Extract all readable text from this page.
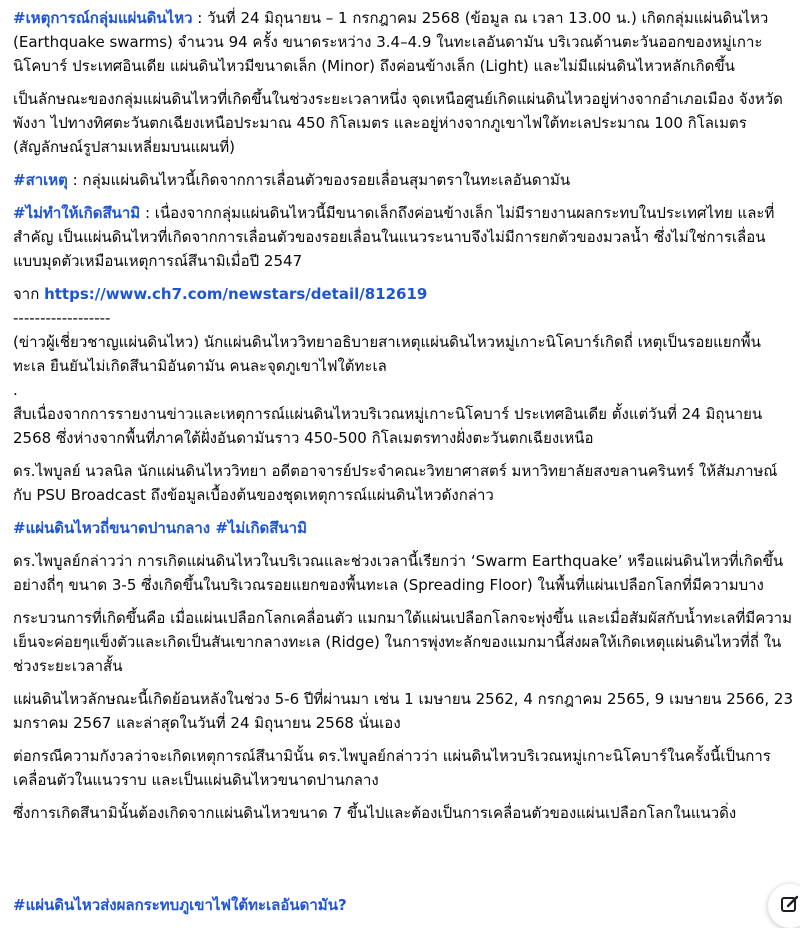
#เหตุการณ์กลุ่มแผ่นดินไหว : วันที่ 24 มิถุนายน – 1 กรกฎาคม 2568 (ข้อมูล ณ เวลา 13.00 น.) เกิดกลุ่มแผ่นดินไหว (Earthquake swarms) จำนวน 94 ครั้ง ขนาดระหว่าง 3.4–4.9 ในทะเลอันดามัน บริเวณด้านตะวันออกของหมู่เกาะนิโคบาร์ ประเทศอินเดีย แผ่นดินไหวมีขนาดเล็ก (Minor) ถึงค่อนข้างเล็ก (Light) และไม่มีแผ่นดินไหวหลักเกิดขึ้น

เป็นลักษณะของกลุ่มแผ่นดินไหวที่เกิดขึ้นในช่วงระยะเวลาหนึ่ง จุดเหนือศูนย์เกิดแผ่นดินไหวอยู่ห่างจากอำเภอเมือง จังหวัดพังงา ไปทางทิศตะวันตกเฉียงเหนือประมาณ 450 กิโลเมตร และอยู่ห่างจากภูเขาไฟใต้ทะเลประมาณ 100 กิโลเมตร (สัญลักษณ์รูปสามเหลี่ยมบนแผนที่)

#สาเหตุ : กลุ่มแผ่นดินไหวนี้เกิดจากการเลื่อนตัวของรอยเลื่อนสุมาตราในทะเลอันดามัน

#ไม่ทำให้เกิดสึนามิ : เนื่องจากกลุ่มแผ่นดินไหวนี้มีขนาดเล็กถึงค่อนข้างเล็ก ไม่มีรายงานผลกระทบในประเทศไทย และที่สำคัญ เป็นแผ่นดินไหวที่เกิดจากการเลื่อนตัวของรอยเลื่อนในแนวระนาบจึงไม่มีการยกตัวของมวลน้ำ ซึ่งไม่ใช่การเลื่อนแบบมุดตัวเหมือนเหตุการณ์สึนามิเมื่อปี 2547

จาก https://www.ch7.com/newstars/detail/812619

------------------

(ข่าวผู้เชี่ยวชาญแผ่นดินไหว) นักแผ่นดินไหววิทยาอธิบายสาเหตุแผ่นดินไหวหมู่เกาะนิโคบาร์เกิดถี่ เหตุเป็นรอยแยกพื้นทะเล ยืนยันไม่เกิดสึนามิอันดามัน คนละจุดภูเขาไฟใต้ทะเล

.

สืบเนื่องจากการรายงานข่าวและเหตุการณ์แผ่นดินไหวบริเวณหมู่เกาะนิโคบาร์ ประเทศอินเดีย ตั้งแต่วันที่ 24 มิถุนายน 2568 ซึ่งห่างจากพื้นที่ภาคใต้ฝั่งอันดามันราว 450-500 กิโลเมตรทางฝั่งตะวันตกเฉียงเหนือ

ดร.ไพบูลย์ นวลนิล นักแผ่นดินไหววิทยา อดีตอาจารย์ประจำคณะวิทยาศาสตร์ มหาวิทยาลัยสงขลานครินทร์ ให้สัมภาษณ์กับ PSU Broadcast ถึงข้อมูลเบื้องต้นของชุดเหตุการณ์แผ่นดินไหวดังกล่าว

#แผ่นดินไหวถี่ขนาดปานกลาง #ไม่เกิดสึนามิ

ดร.ไพบูลย์กล่าวว่า การเกิดแผ่นดินไหวในบริเวณและช่วงเวลานี้เรียกว่า ‘Swarm Earthquake’ หรือแผ่นดินไหวที่เกิดขึ้นอย่างถี่ๆ ขนาด 3-5 ซึ่งเกิดขึ้นในบริเวณรอยแยกของพื้นทะเล (Spreading Floor) ในพื้นที่แผ่นเปลือกโลกที่มีความบาง

กระบวนการที่เกิดขึ้นคือ เมื่อแผ่นเปลือกโลกเคลื่อนตัว แมกมาใต้แผ่นเปลือกโลกจะพุ่งขึ้น และเมื่อสัมผัสกับน้ำทะเลที่มีความเย็นจะค่อยๆแข็งตัวและเกิดเป็นสันเขากลางทะเล (Ridge) ในการพุ่งทะลักของแมกมานี้ส่งผลให้เกิดเหตุแผ่นดินไหวที่ถี่ ในช่วงระยะเวลาสั้น

แผ่นดินไหวลักษณะนี้เกิดย้อนหลังในช่วง 5-6 ปีที่ผ่านมา เช่น 1 เมษายน 2562, 4 กรกฎาคม 2565, 9 เมษายน 2566, 23 มกราคม 2567 และล่าสุดในวันที่ 24 มิถุนายน 2568 นั่นเอง

ต่อกรณีความกังวลว่าจะเกิดเหตุการณ์สึนามินั้น ดร.ไพบูลย์กล่าวว่า แผ่นดินไหวบริเวณหมู่เกาะนิโคบาร์ในครั้งนี้เป็นการเคลื่อนตัวในแนวราบ และเป็นแผ่นดินไหวขนาดปานกลาง

ซึ่งการเกิดสึนามินั้นต้องเกิดจากแผ่นดินไหวขนาด 7 ขึ้นไปและต้องเป็นการเคลื่อนตัวของแผ่นเปลือกโลกในแนวดิ่ง

#แผ่นดินไหวส่งผลกระทบภูเขาไฟใต้ทะเลอันดามัน?
